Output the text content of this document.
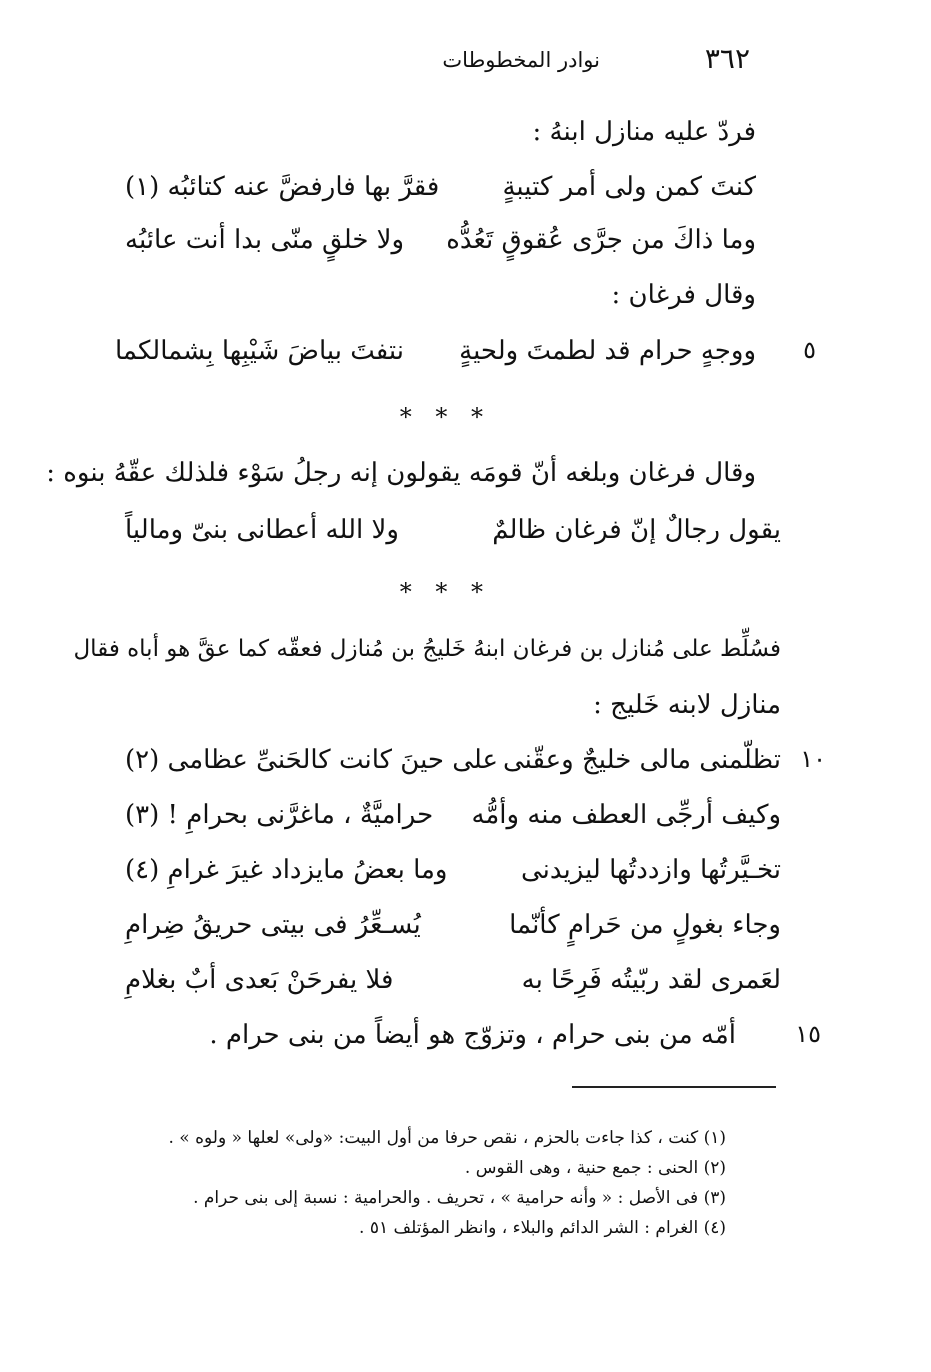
٣٦٢
نوادر المخطوطات
فردّ عليه منازل ابنهُ :
كنتَ كمن ولى أمر كتيبةٍ
فقرَّ بها فارفضَّ عنه كتائبُه (١)
وما ذاكَ من جرَّى عُقوقٍ تَعُدُّه
ولا خلقٍ منّى بدا أنت عائبُه
وقال فرغان :
٥
ووجهٍ حرام قد لطمتَ ولحيةٍ
نتفتَ بياضَ شَيْبِها بِشمالكما
* * *
وقال فرغان وبلغه أنّ قومَه يقولون إنه رجلُ سَوْء فلذلك عقّهُ بنوه :
يقول رجالٌ إنّ فرغان ظالمٌ
ولا الله أعطانى بنىّ ومالياً
* * *
فسُلِّط على مُنازل بن فرغان ابنهُ خَليجُ بن مُنازل فعقّه كما عقَّ هو أباه فقال
منازل لابنه خَليج :
١٠
تظلّمنى مالى خليجٌ وعقّنى
على حينَ كانت كالحَنىِّ عظامى (٢)
وكيف أرجِّى العطف منه وأمُّه
حراميَّةٌ ، ماغرَّنى بحرامِ ! (٣)
تخـيَّرتُها وازددتُها ليزيدنى
وما بعضُ مايزداد غيرَ غرامِ (٤)
وجاء بغولٍ من حَرامٍ كأنّما
يُسـعِّرُ فى بيتى حريقُ ضِرامِ
لعَمرى لقد ربّيتُه فَرِحًا به
فلا يفرحَنْ بَعدى أبٌ بغلامِ
١٥
أمّه من بنى حرام ، وتزوّج هو أيضاً من بنى حرام .
(١) كنت ، كذا جاءت بالحزم ، نقص حرفا من أول البيت: «ولى» لعلها « ولوه » .
(٢) الحنى : جمع حنية ، وهى القوس .
(٣) فى الأصل : « وأنه حرامية » ، تحريف . والحرامية : نسبة إلى بنى حرام .
(٤) الغرام : الشر الدائم والبلاء ، وانظر المؤتلف ٥١ .
